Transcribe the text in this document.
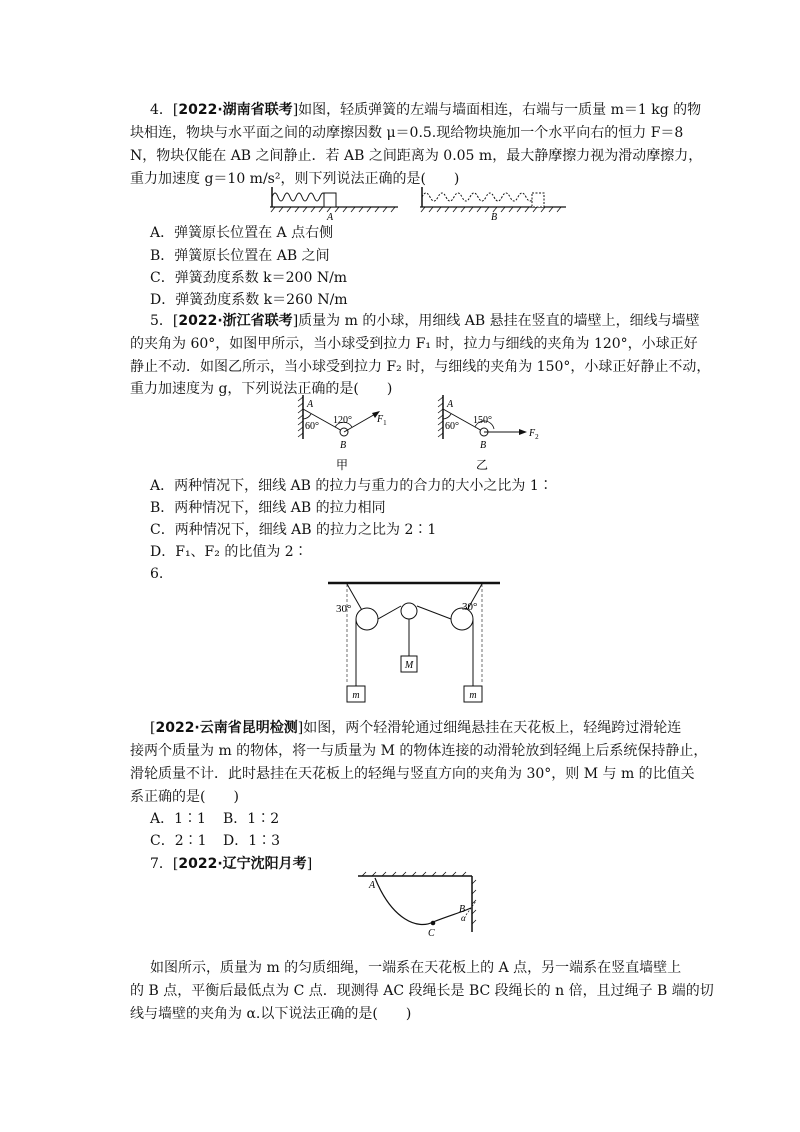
4．[2022·湖南省联考]如图，轻质弹簧的左端与墙面相连，右端与一质量 m＝1 kg 的物
块相连，物块与水平面之间的动摩擦因数 μ＝0.5.现给物块施加一个水平向右的恒力 F＝8
N，物块仅能在 AB 之间静止．若 AB 之间距离为 0.05 m，最大静摩擦力视为滑动摩擦力，
重力加速度 g＝10 m/s²，则下列说法正确的是(　　)
A	B
A．弹簧原长位置在 A 点右侧
B．弹簧原长位置在 AB 之间
C．弹簧劲度系数 k＝200 N/m
D．弹簧劲度系数 k＝260 N/m
5．[2022·浙江省联考]质量为 m 的小球，用细线 AB 悬挂在竖直的墙壁上，细线与墙壁
的夹角为 60°，如图甲所示，当小球受到拉力 F₁ 时，拉力与细线的夹角为 120°，小球正好
静止不动．如图乙所示，当小球受到拉力 F₂ 时，与细线的夹角为 150°，小球正好静止不动，
重力加速度为 g，下列说法正确的是(　　)
A
60°
120°
B
$F_1$
甲
A
60°
150°
B
$F_2$
乙
A．两种情况下，细线 AB 的拉力与重力的合力的大小之比为 1∶
B．两种情况下，细线 AB 的拉力相同
C．两种情况下，细线 AB 的拉力之比为 2∶1
D．F₁、F₂ 的比值为 2∶
6.
30°	30°
M
m	m
[2022·云南省昆明检测]如图，两个轻滑轮通过细绳悬挂在天花板上，轻绳跨过滑轮连
接两个质量为 m 的物体，将一与质量为 M 的物体连接的动滑轮放到轻绳上后系统保持静止，
滑轮质量不计．此时悬挂在天花板上的轻绳与竖直方向的夹角为 30°，则 M 与 m 的比值关
系正确的是(　　)
A．1∶1 B．1∶2
C．2∶1 D．1∶3
7．[2022·辽宁沈阳月考]
A
B
C
α
如图所示，质量为 m 的匀质细绳，一端系在天花板上的 A 点，另一端系在竖直墙壁上
的 B 点，平衡后最低点为 C 点．现测得 AC 段绳长是 BC 段绳长的 n 倍，且过绳子 B 端的切
线与墙壁的夹角为 α.以下说法正确的是(　　)
